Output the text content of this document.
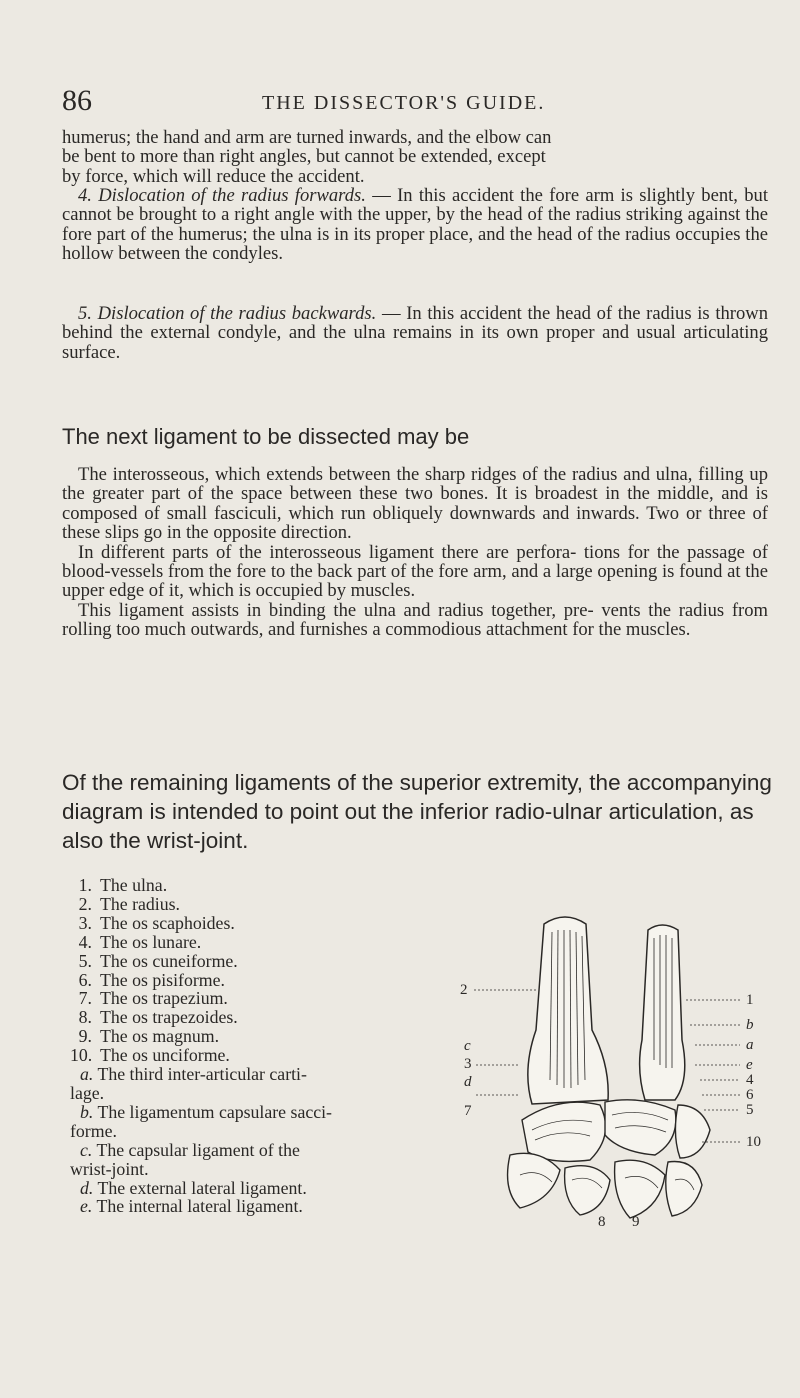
86	THE DISSECTOR'S GUIDE.

humerus; the hand and arm are turned inwards, and the elbow can

be bent to more than right angles, but cannot be extended, except

by force, which will reduce the accident.

4. Dislocation of the radius forwards. — In this accident the fore arm is slightly bent, but cannot be brought to a right angle with the upper, by the head of the radius striking against the fore part of the humerus; the ulna is in its proper place, and the head of the radius occupies the hollow between the condyles.

5. Dislocation of the radius backwards. — In this accident the head of the radius is thrown behind the external condyle, and the ulna remains in its own proper and usual articulating surface.

The next ligament to be dissected may be

The interosseous, which extends between the sharp ridges of the radius and ulna, filling up the greater part of the space between these two bones. It is broadest in the middle, and is composed of small fasciculi, which run obliquely downwards and inwards. Two or three of these slips go in the opposite direction.

In different parts of the interosseous ligament there are perfora- tions for the passage of blood-vessels from the fore to the back part of the fore arm, and a large opening is found at the upper edge of it, which is occupied by muscles.

This ligament assists in binding the ulna and radius together, pre- vents the radius from rolling too much outwards, and furnishes a commodious attachment for the muscles.

Of the remaining ligaments of the superior extremity, the accompanying diagram is intended to point out the inferior radio-ulnar articulation, as also the wrist-joint.
1. The ulna.
2. The radius.
3. The os scaphoides.
4. The os lunare.
5. The os cuneiforme.
6. The os pisiforme.
7. The os trapezium.
8. The os trapezoides.
9. The os magnum.
10. The os unciforme.
a. The third inter-articular carti-
lage.
b. The ligamentum capsulare sacci-
forme.
c. The capsular ligament of the
wrist-joint.
d. The external lateral ligament.
e. The internal lateral ligament.
2
c
3
d
7
1
b
a
e
4
6
5
10
8 9
